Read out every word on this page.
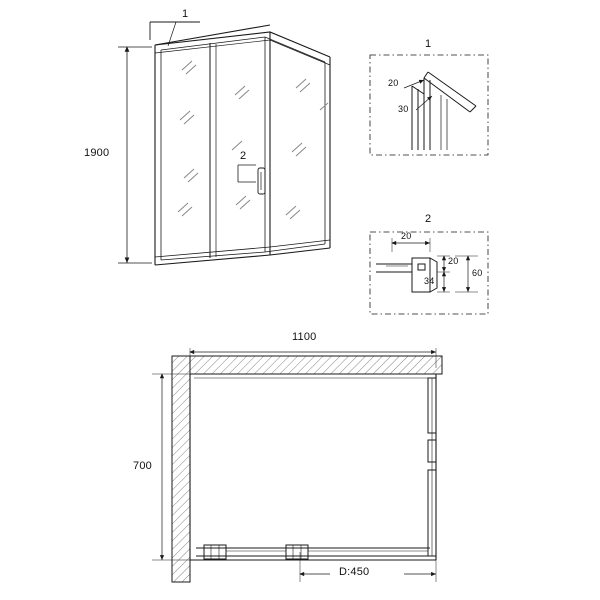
1
2
1900
1
20
30
2
20
20
34
60
1100
700
D:450
